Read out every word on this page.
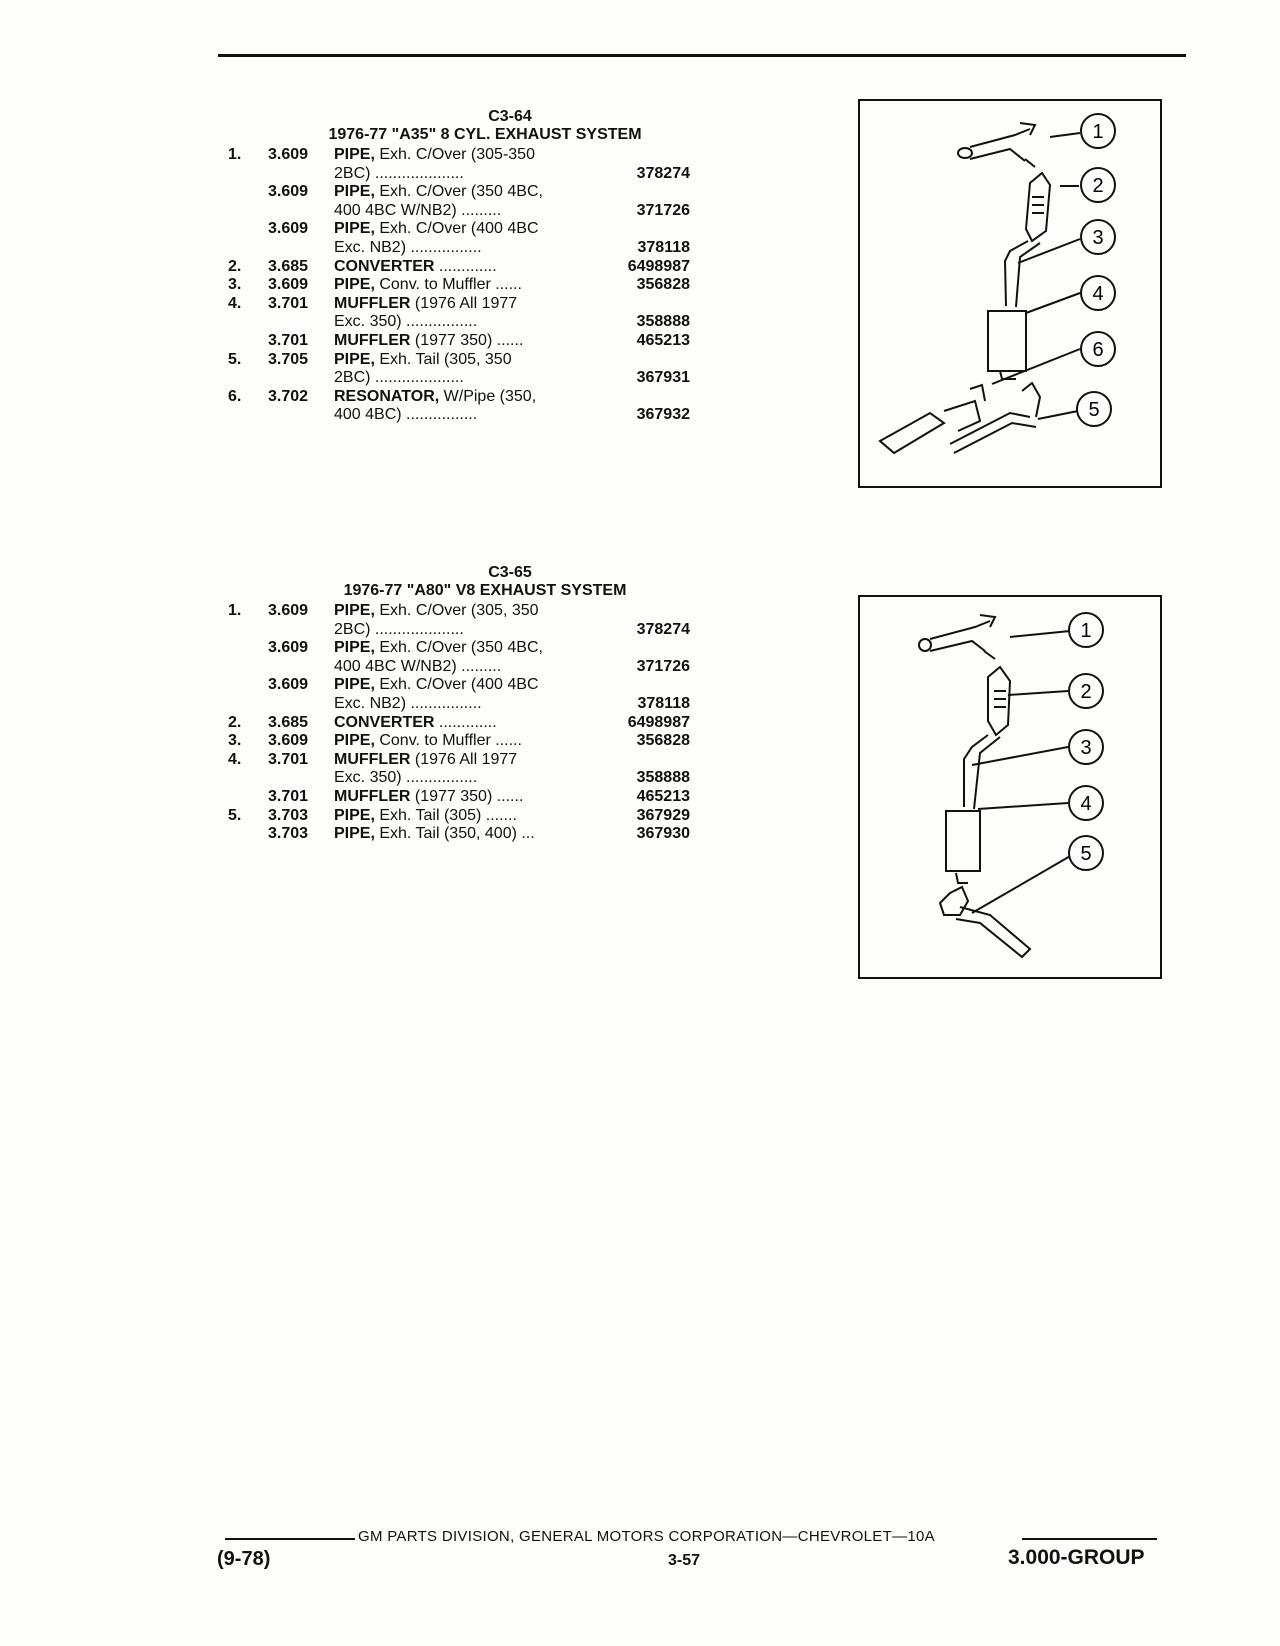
C3-64
1976-77 "A35" 8 CYL. EXHAUST SYSTEM
1. 3.609 PIPE, Exh. C/Over (305-350
2BC) ....................	378274
3.609 PIPE, Exh. C/Over (350 4BC,
400 4BC W/NB2) .........	371726
3.609 PIPE, Exh. C/Over (400 4BC
Exc. NB2) ................	378118
2. 3.685 CONVERTER .............	6498987
3. 3.609 PIPE, Conv. to Muffler ......	356828
4. 3.701 MUFFLER (1976 All 1977
Exc. 350) ................	358888
3.701 MUFFLER (1977 350) ......	465213
5. 3.705 PIPE, Exh. Tail (305, 350
2BC) ....................	367931
6. 3.702 RESONATOR, W/Pipe (350,
400 4BC) ................	367932
C3-65
1976-77 "A80" V8 EXHAUST SYSTEM
1. 3.609 PIPE, Exh. C/Over (305, 350
2BC) ....................	378274
3.609 PIPE, Exh. C/Over (350 4BC,
400 4BC W/NB2) .........	371726
3.609 PIPE, Exh. C/Over (400 4BC
Exc. NB2) ................	378118
2. 3.685 CONVERTER .............	6498987
3. 3.609 PIPE, Conv. to Muffler ......	356828
4. 3.701 MUFFLER (1976 All 1977
Exc. 350) ................	358888
3.701 MUFFLER (1977 350) ......	465213
5. 3.703 PIPE, Exh. Tail (305) .......	367929
3.703 PIPE, Exh. Tail (350, 400) ...	367930
1
2
3
4
6
5
1
2
3
4
5
GM PARTS DIVISION, GENERAL MOTORS CORPORATION—CHEVROLET—10A
(9-78)	3-57	3.000-GROUP
